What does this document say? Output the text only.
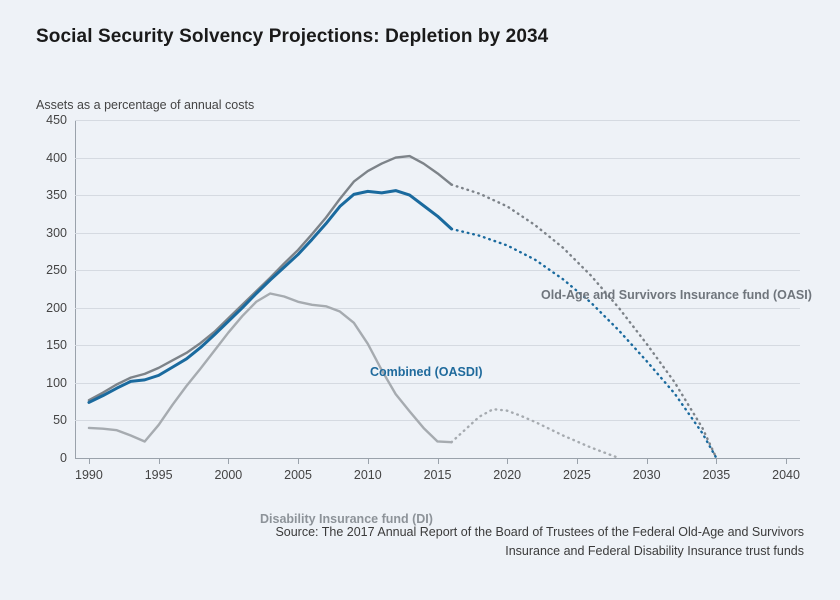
Social Security Solvency Projections: Depletion by 2034
Assets as a percentage of annual costs
0
50
100
150
200
250
300
350
400
450
Old-Age and Survivors Insurance fund (OASI)
Combined (OASDI)
Disability Insurance fund (DI)
1990	1995	2000	2005	2010	2015	2020	2025	2030	2035	2040
Source: The 2017 Annual Report of the Board of Trustees of the Federal Old-Age and Survivors Insurance and Federal Disability Insurance trust funds
